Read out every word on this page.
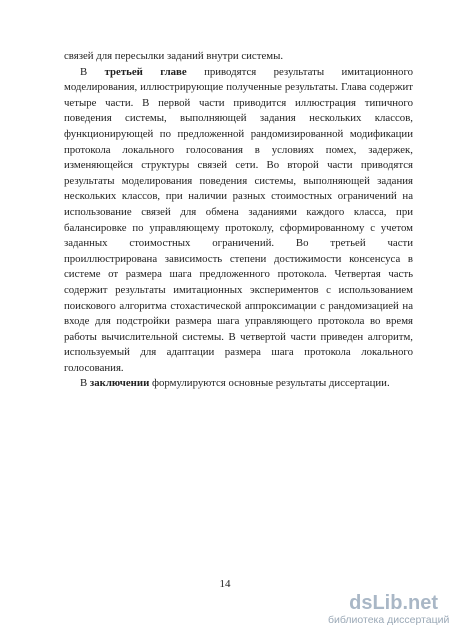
связей для пересылки заданий внутри системы.

В третьей главе приводятся результаты имитационного моделирования, иллюстрирующие полученные результаты. Глава содержит четыре части. В первой части приводится иллюстрация типичного поведения системы, выполняющей задания нескольких классов, функционирующей по предложенной рандомизированной модификации протокола локального голосования в условиях помех, задержек, изменяющейся структуры связей сети. Во второй части приводятся результаты моделирования поведения системы, выполняющей задания нескольких классов, при наличии разных стоимостных ограничений на использование связей для обмена заданиями каждого класса, при балансировке по управляющему протоколу, сформированному с учетом заданных стоимостных ограничений. Во третьей части проиллюстрирована зависимость степени достижимости консенсуса в системе от размера шага предложенного протокола. Четвертая часть содержит результаты имитационных экспериментов с использованием поискового алгоритма стохастической аппроксимации с рандомизацией на входе для подстройки размера шага управляющего протокола во время работы вычислительной системы. В четвертой части приведен алгоритм, используемый для адаптации размера шага протокола локального голосования.

В заключении формулируются основные результаты диссертации.

14
dsLib.net
библиотека диссертаций
